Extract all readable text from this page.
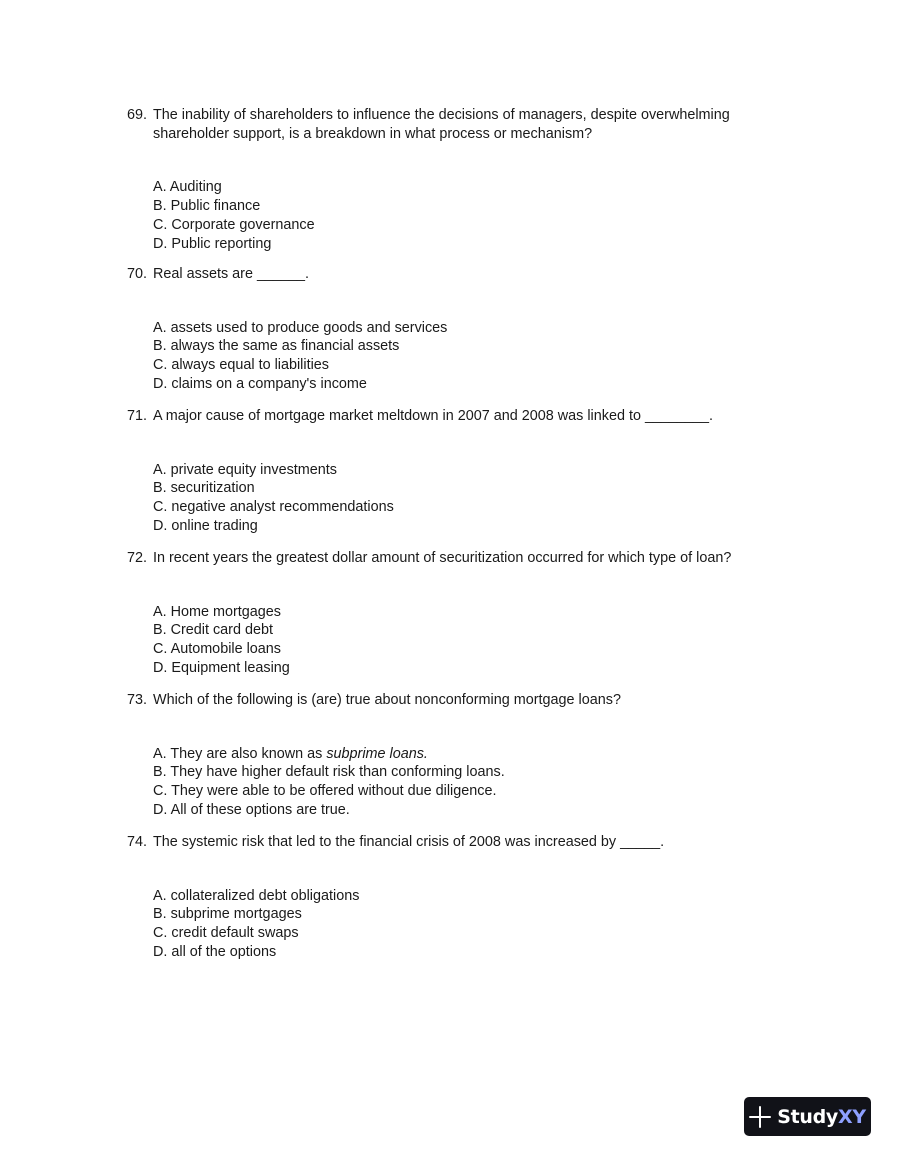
69. The inability of shareholders to influence the decisions of managers, despite overwhelming shareholder support, is a breakdown in what process or mechanism?
A. Auditing
B. Public finance
C. Corporate governance
D. Public reporting
70. Real assets are ______.
A. assets used to produce goods and services
B. always the same as financial assets
C. always equal to liabilities
D. claims on a company's income
71. A major cause of mortgage market meltdown in 2007 and 2008 was linked to ________.
A. private equity investments
B. securitization
C. negative analyst recommendations
D. online trading
72. In recent years the greatest dollar amount of securitization occurred for which type of loan?
A. Home mortgages
B. Credit card debt
C. Automobile loans
D. Equipment leasing
73. Which of the following is (are) true about nonconforming mortgage loans?
A. They are also known as subprime loans.
B. They have higher default risk than conforming loans.
C. They were able to be offered without due diligence.
D. All of these options are true.
74. The systemic risk that led to the financial crisis of 2008 was increased by _____.
A. collateralized debt obligations
B. subprime mortgages
C. credit default swaps
D. all of the options
StudyXY
